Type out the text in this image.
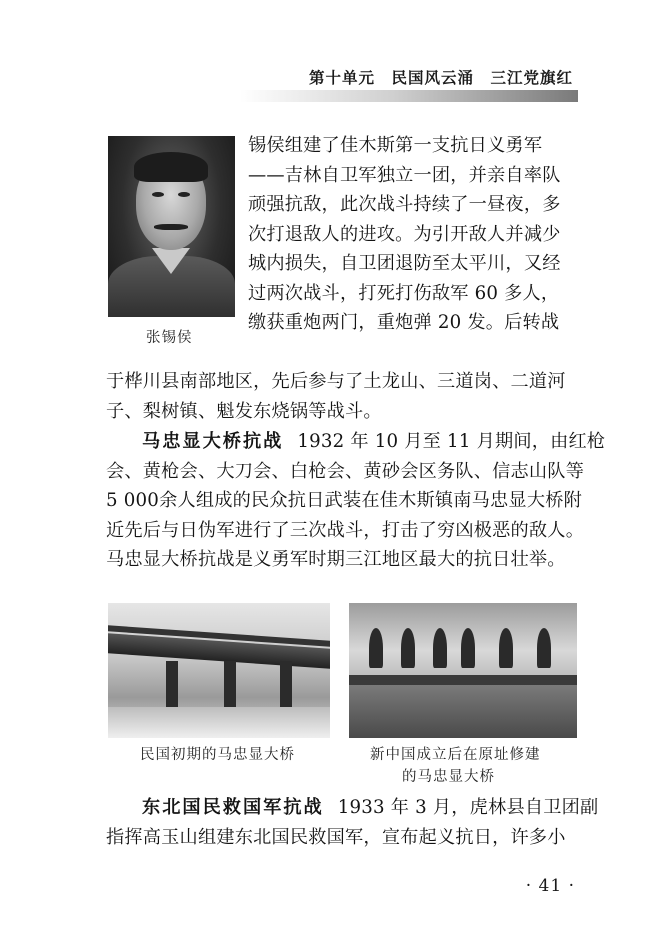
第十单元　民国风云涌　三江党旗红
张锡侯
锡侯组建了佳木斯第一支抗日义勇军
——吉林自卫军独立一团，并亲自率队
顽强抗敌，此次战斗持续了一昼夜，多
次打退敌人的进攻。为引开敌人并减少
城内损失，自卫团退防至太平川，又经
过两次战斗，打死打伤敌军 60 多人，
缴获重炮两门，重炮弹 20 发。后转战
于桦川县南部地区，先后参与了土龙山、三道岗、二道河
子、梨树镇、魁发东烧锅等战斗。
马忠显大桥抗战 1932 年 10 月至 11 月期间，由红枪
会、黄枪会、大刀会、白枪会、黄砂会区务队、信志山队等
5 000余人组成的民众抗日武装在佳木斯镇南马忠显大桥附
近先后与日伪军进行了三次战斗，打击了穷凶极恶的敌人。
马忠显大桥抗战是义勇军时期三江地区最大的抗日壮举。
民国初期的马忠显大桥	新中国成立后在原址修建
的马忠显大桥
东北国民救国军抗战 1933 年 3 月，虎林县自卫团副
指挥高玉山组建东北国民救国军，宣布起义抗日，许多小
· 41 ·
